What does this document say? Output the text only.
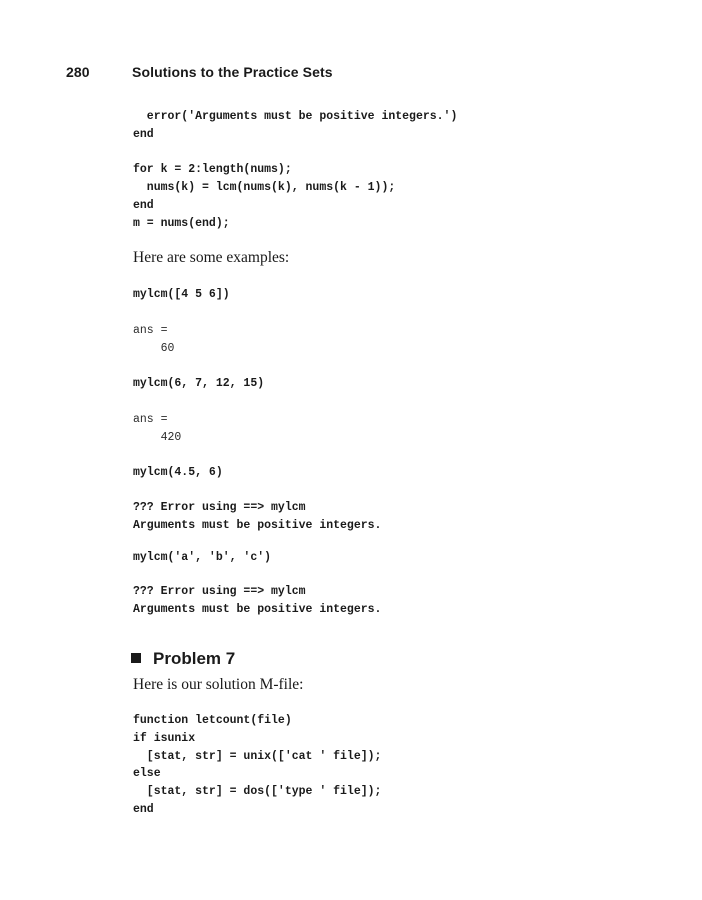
280	Solutions to the Practice Sets
error('Arguments must be positive integers.')
end
for k = 2:length(nums);
nums(k) = lcm(nums(k), nums(k - 1));
end
m = nums(end);
Here are some examples:
mylcm([4 5 6])
ans =
60
mylcm(6, 7, 12, 15)
ans =
420
mylcm(4.5, 6)
??? Error using ==> mylcm
Arguments must be positive integers.
mylcm('a', 'b', 'c')
??? Error using ==> mylcm
Arguments must be positive integers.
Problem 7
Here is our solution M-file:
function letcount(file)
if isunix
[stat, str] = unix(['cat ' file]);
else
[stat, str] = dos(['type ' file]);
end
